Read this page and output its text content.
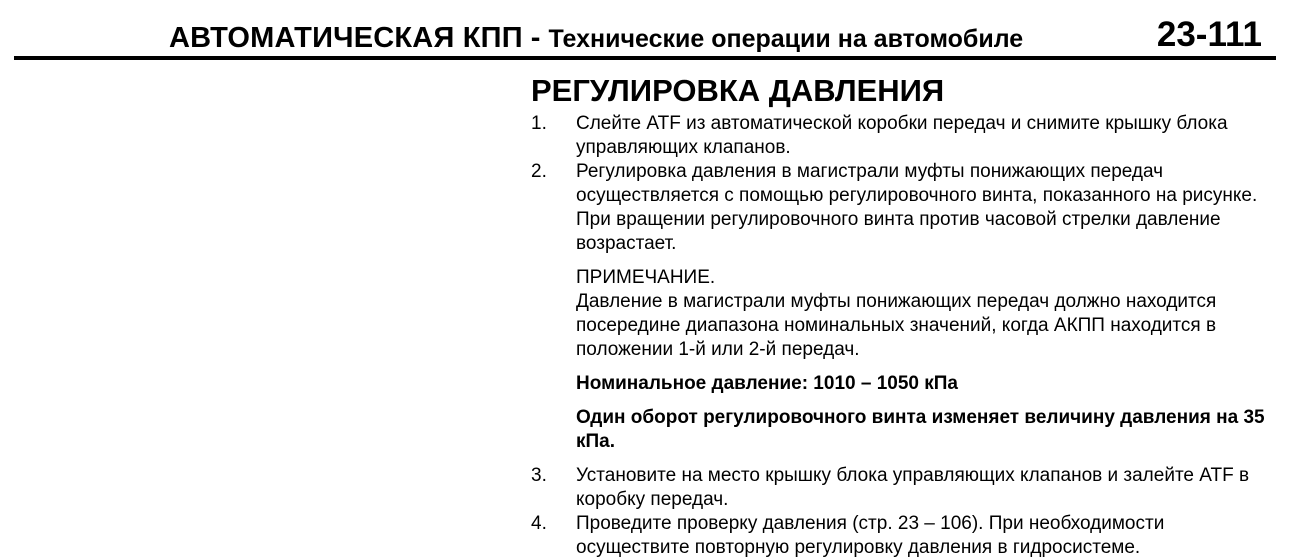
АВТОМАТИЧЕСКАЯ КПП - Технические операции на автомобиле	23-111
РЕГУЛИРОВКА ДАВЛЕНИЯ
1.	Слейте ATF из автоматической коробки передач и снимите крышку блока управляющих клапанов.
2.	Регулировка давления в магистрали муфты понижающих передач осуществляется с помощью регулировочного винта, показанного на рисунке. При вращении регулировочного винта против часовой стрелки давление возрастает.
ПРИМЕЧАНИЕ.
Давление в магистрали муфты понижающих передач должно находится посередине диапазона номинальных значений, когда АКПП находится в положении 1-й или 2-й передач.
Номинальное давление: 1010 – 1050 кПа
Один оборот регулировочного винта изменяет величину давления на 35 кПа.
3.	Установите на место крышку блока управляющих клапанов и залейте ATF в коробку передач.
4.	Проведите проверку давления (стр. 23 – 106). При необходимости осуществите повторную регулировку давления в гидросистеме.
